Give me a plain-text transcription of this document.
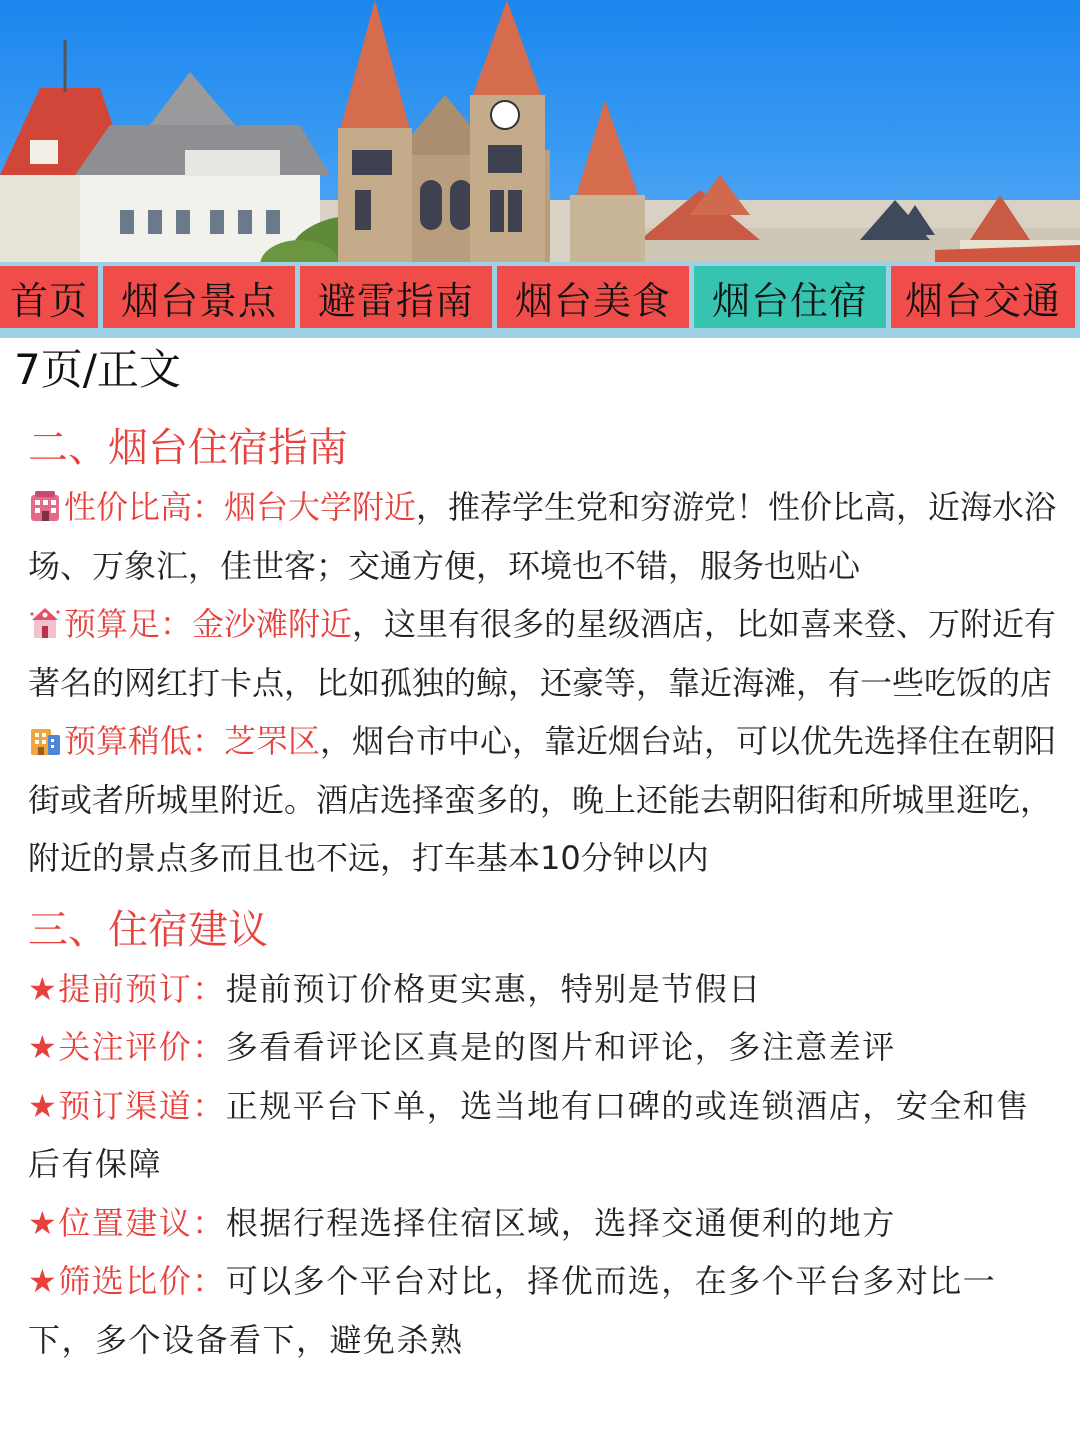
首页 烟台景点	避雷指南	烟台美食	烟台住宿 烟台交通
7页/正文
二、烟台住宿指南

性价比高：烟台大学附近，推荐学生党和穷游党！性价比高，近海水浴场、万象汇，佳世客；交通方便，环境也不错，服务也贴心

预算足：金沙滩附近，这里有很多的星级酒店，比如喜来登、万附近有著名的网红打卡点，比如孤独的鲸，还豪等，靠近海滩，有一些吃饭的店

预算稍低：芝罘区，烟台市中心，靠近烟台站，可以优先选择住在朝阳街或者所城里附近。酒店选择蛮多的，晚上还能去朝阳街和所城里逛吃，附近的景点多而且也不远，打车基本10分钟以内

三、住宿建议

★提前预订：提前预订价格更实惠，特别是节假日

★关注评价：多看看评论区真是的图片和评论，多注意差评

★预订渠道：正规平台下单，选当地有口碑的或连锁酒店，安全和售后有保障

★位置建议：根据行程选择住宿区域，选择交通便利的地方

★筛选比价：可以多个平台对比，择优而选，在多个平台多对比一下，多个设备看下，避免杀熟
